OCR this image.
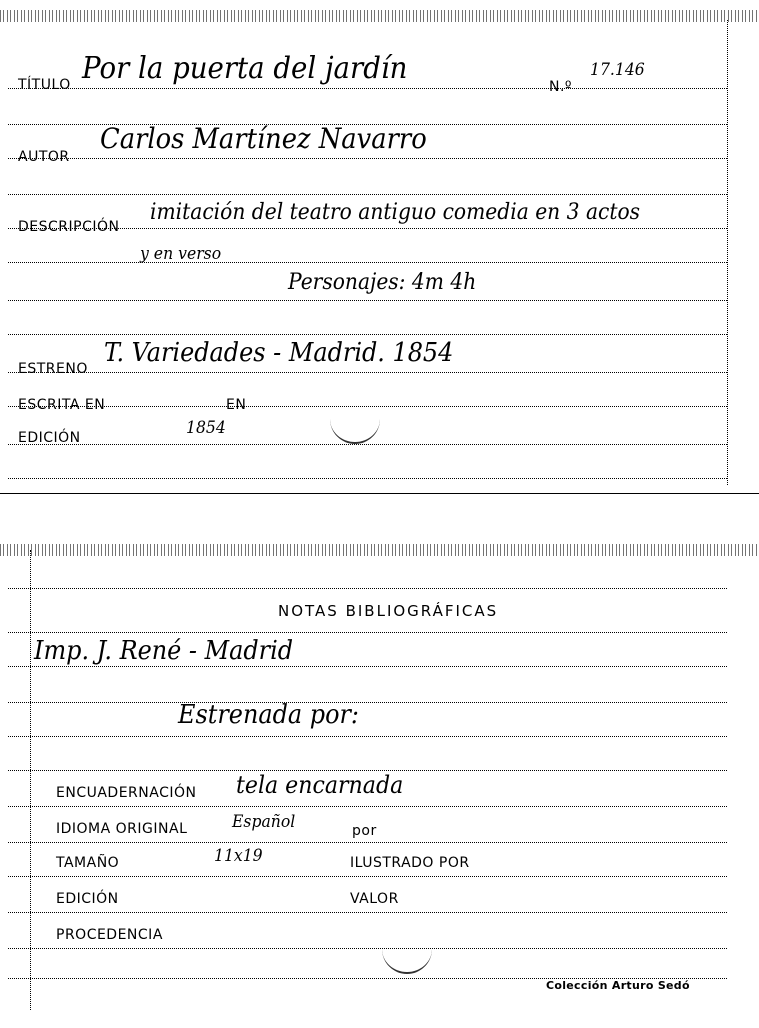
TÍTULO Por la puerta del jardín
N.º
17.146
AUTOR
Carlos Martínez Navarro
DESCRIPCIÓN
imitación del teatro antiguo comedia en 3 actos
y en verso
Personajes: 4m 4h
ESTRENO
T. Variedades - Madrid. 1854
ESCRITA EN	EN
EDICIÓN	1854
NOTAS BIBLIOGRÁFICAS
Imp. J. René - Madrid
Estrenada por:
ENCUADERNACIÓN tela encarnada
IDIOMA ORIGINAL	Español	por
TAMAÑO	11x19	ILUSTRADO POR
EDICIÓN	VALOR
PROCEDENCIA
Colección Arturo Sedó
